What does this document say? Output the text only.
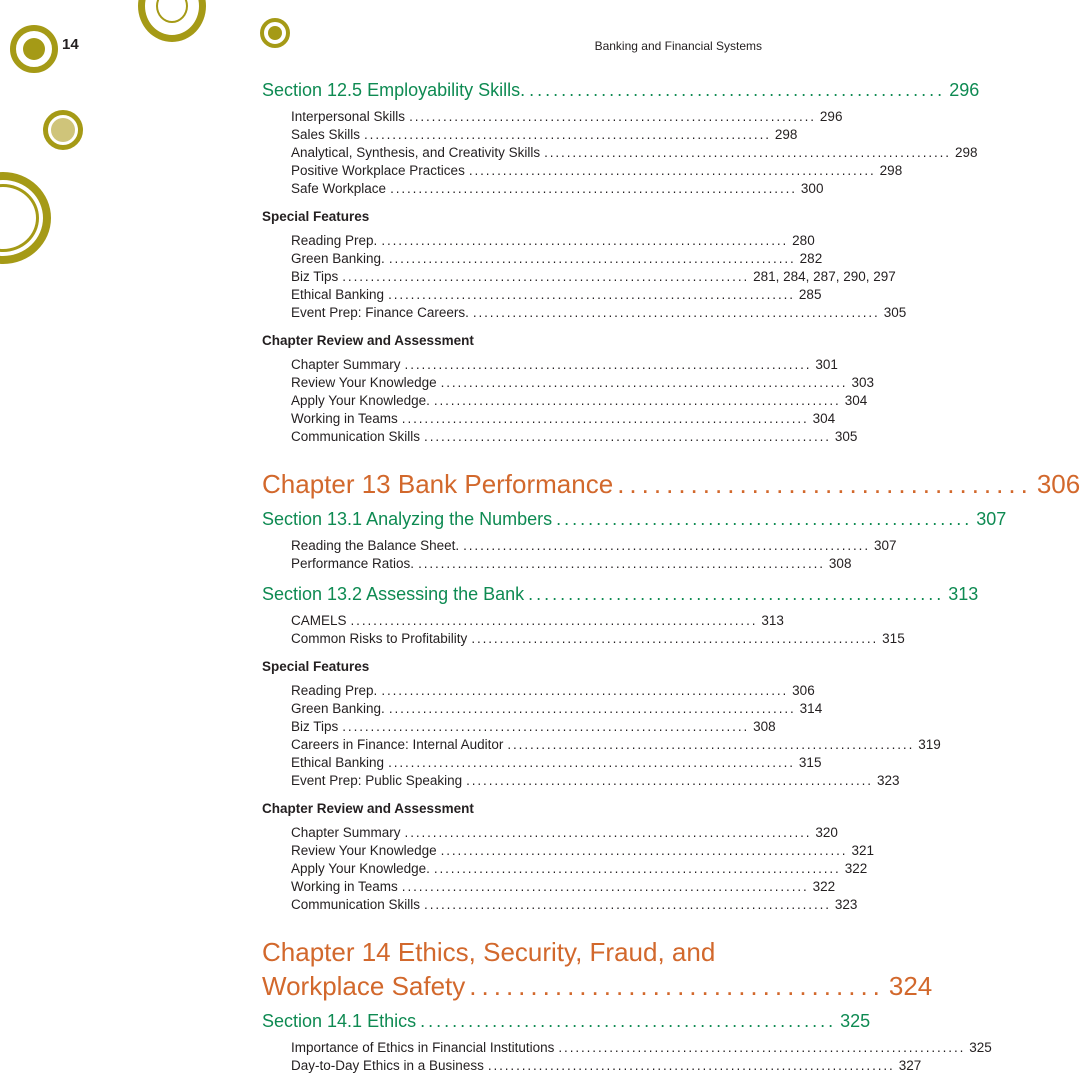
14	Banking and Financial Systems
Section 12.5 Employability Skills. .................................................... 296
Interpersonal Skills ........................................................................ 296
Sales Skills ........................................................................ 298
Analytical, Synthesis, and Creativity Skills ........................................................................ 298
Positive Workplace Practices ........................................................................ 298
Safe Workplace ........................................................................ 300
Special Features
Reading Prep. ........................................................................ 280
Green Banking. ........................................................................ 282
Biz Tips ........................................................................ 281, 284, 287, 290, 297
Ethical Banking ........................................................................ 285
Event Prep: Finance Careers. ........................................................................ 305
Chapter Review and Assessment
Chapter Summary ........................................................................ 301
Review Your Knowledge ........................................................................ 303
Apply Your Knowledge. ........................................................................ 304
Working in Teams ........................................................................ 304
Communication Skills ........................................................................ 305
Chapter 13 Bank Performance .................................. 306
Section 13.1 Analyzing the Numbers .................................................... 307
Reading the Balance Sheet. ........................................................................ 307
Performance Ratios. ........................................................................ 308
Section 13.2 Assessing the Bank .................................................... 313
CAMELS ........................................................................ 313
Common Risks to Profitability ........................................................................ 315
Special Features
Reading Prep. ........................................................................ 306
Green Banking. ........................................................................ 314
Biz Tips ........................................................................ 308
Careers in Finance: Internal Auditor ........................................................................ 319
Ethical Banking ........................................................................ 315
Event Prep: Public Speaking ........................................................................ 323
Chapter Review and Assessment
Chapter Summary ........................................................................ 320
Review Your Knowledge ........................................................................ 321
Apply Your Knowledge. ........................................................................ 322
Working in Teams ........................................................................ 322
Communication Skills ........................................................................ 323
Chapter 14 Ethics, Security, Fraud, and
Workplace Safety .................................. 324
Section 14.1 Ethics .................................................... 325
Importance of Ethics in Financial Institutions ........................................................................ 325
Day-to-Day Ethics in a Business ........................................................................ 327
